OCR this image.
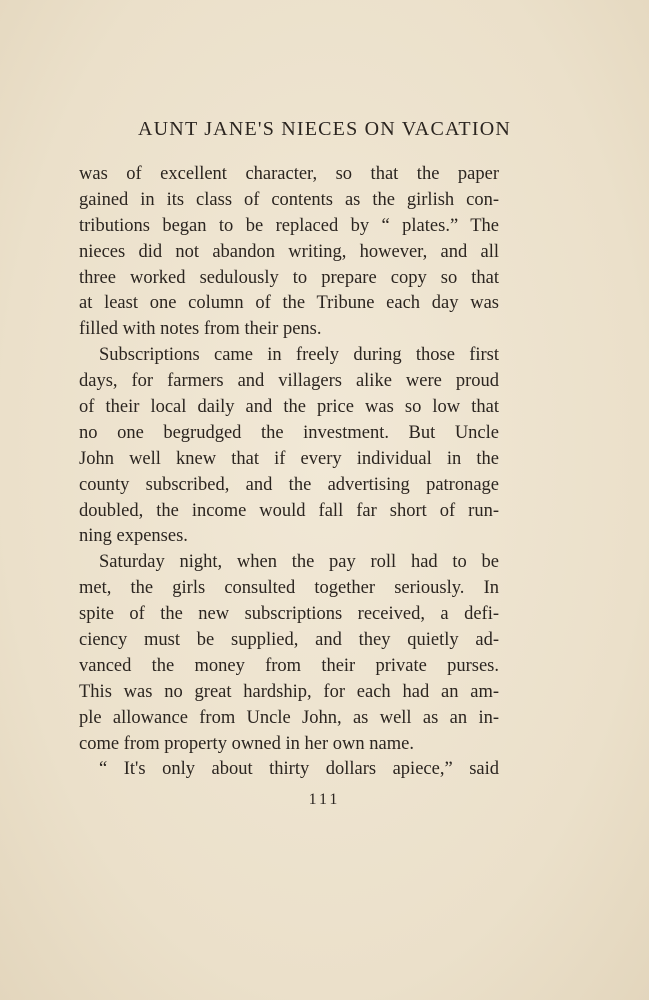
AUNT JANE'S NIECES ON VACATION
was of excellent character, so that the paper
gained in its class of contents as the girlish con-
tributions began to be replaced by “ plates.” The
nieces did not abandon writing, however, and all
three worked sedulously to prepare copy so that
at least one column of the Tribune each day was
filled with notes from their pens.
Subscriptions came in freely during those first
days, for farmers and villagers alike were proud
of their local daily and the price was so low that
no one begrudged the investment. But Uncle
John well knew that if every individual in the
county subscribed, and the advertising patronage
doubled, the income would fall far short of run-
ning expenses.
Saturday night, when the pay roll had to be
met, the girls consulted together seriously. In
spite of the new subscriptions received, a defi-
ciency must be supplied, and they quietly ad-
vanced the money from their private purses.
This was no great hardship, for each had an am-
ple allowance from Uncle John, as well as an in-
come from property owned in her own name.
“ It's only about thirty dollars apiece,” said
111
